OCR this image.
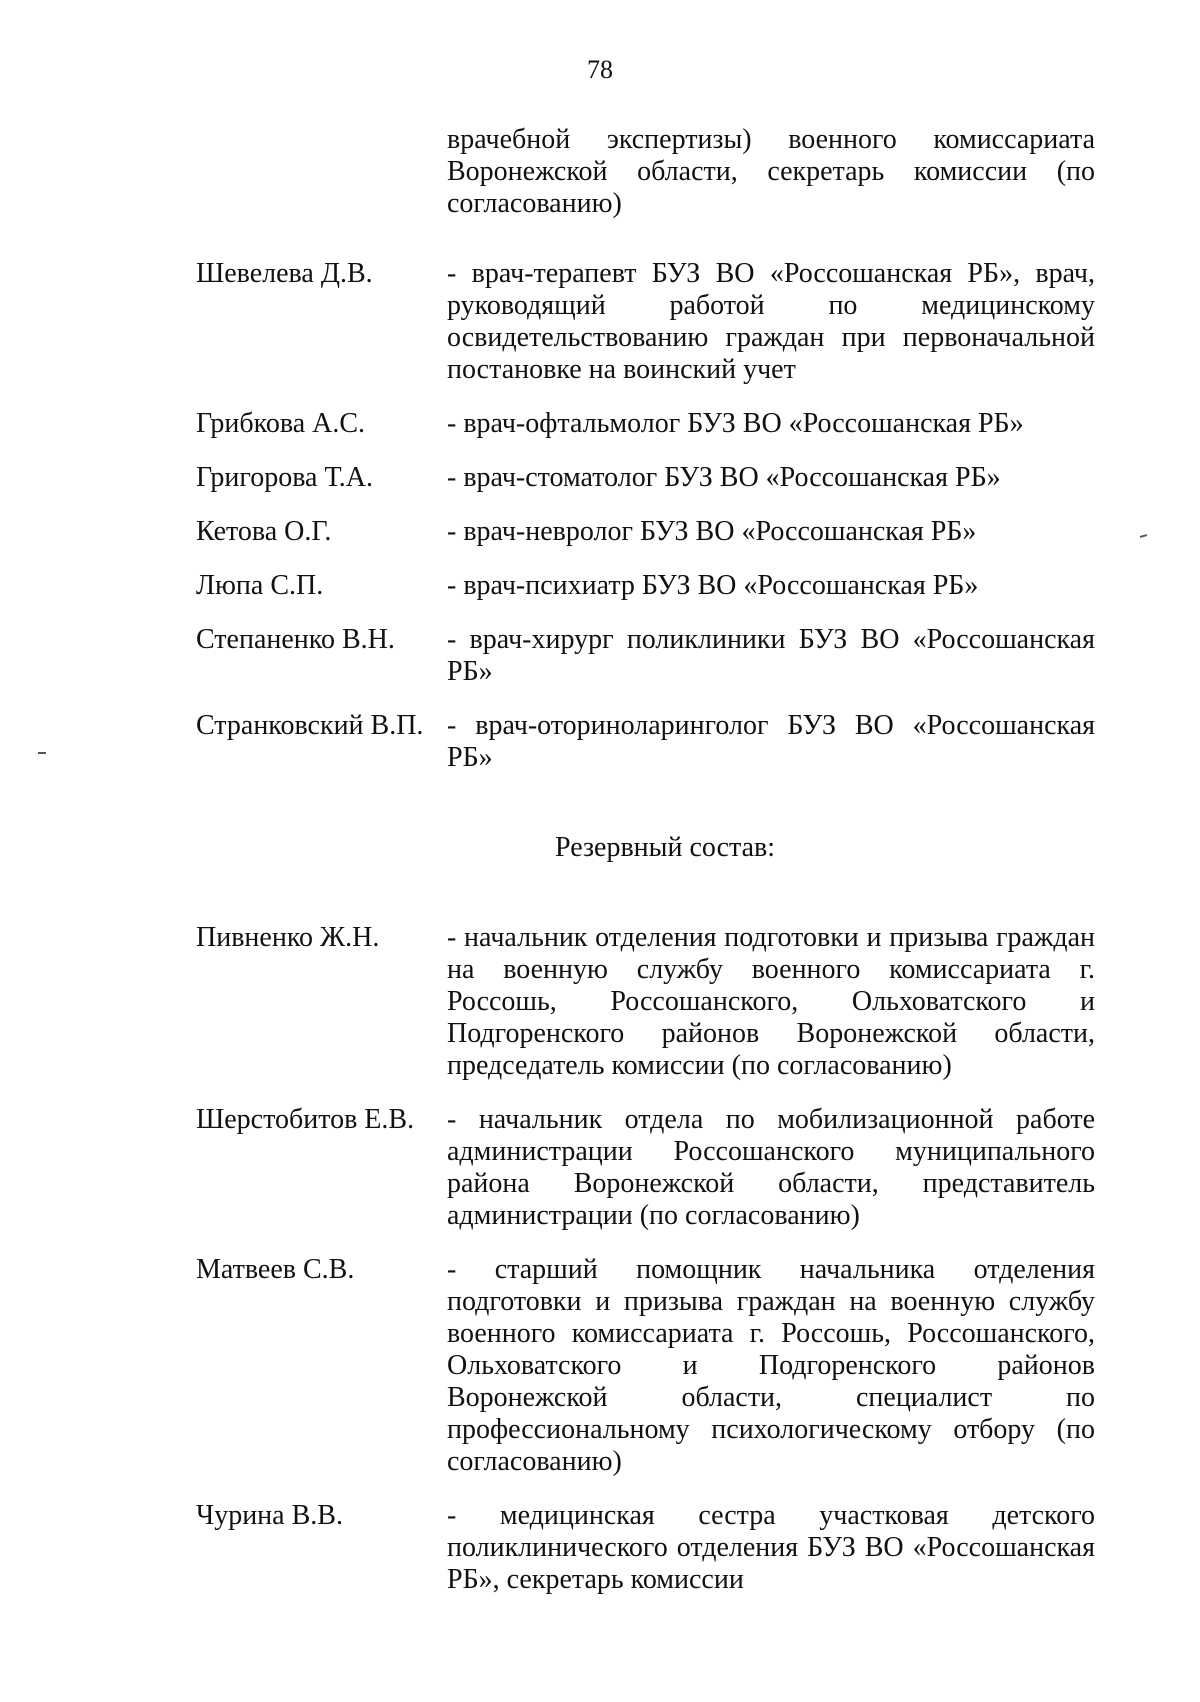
78
врачебной экспертизы) военного комиссариата Воронежской области, секретарь комиссии (по согласованию)
Шевелева Д.В.	- врач-терапевт БУЗ ВО «Россошанская РБ», врач, руководящий работой по медицинскому освидетельствованию граждан при первоначальной постановке на воинский учет
Грибкова А.С.	- врач-офтальмолог БУЗ ВО «Россошанская РБ»
Григорова Т.А.	- врач-стоматолог БУЗ ВО «Россошанская РБ»
Кетова О.Г.	- врач-невролог БУЗ ВО «Россошанская РБ»
Люпа С.П.	- врач-психиатр БУЗ ВО «Россошанская РБ»
Степаненко В.Н. - врач-хирург поликлиники БУЗ ВО «Россошанская РБ»
Странковский В.П. - врач-оториноларинголог БУЗ ВО «Россошанская РБ»
Резервный состав:
Пивненко Ж.Н. - начальник отделения подготовки и призыва граждан на военную службу военного комиссариата г. Россошь, Россошанского, Ольховатского и Подгоренского районов Воронежской области, председатель комиссии (по согласованию)
Шерстобитов Е.В. - начальник отдела по мобилизационной работе администрации Россошанского муниципального района Воронежской области, представитель администрации (по согласованию)
Матвеев С.В.	- старший помощник начальника отделения подготовки и призыва граждан на военную службу военного комиссариата г. Россошь, Россошанского, Ольховатского и Подгоренского районов Воронежской области, специалист по профессиональному психологическому отбору (по согласованию)
Чурина В.В.	- медицинская сестра участковая детского поликлинического отделения БУЗ ВО «Россошанская РБ», секретарь комиссии
